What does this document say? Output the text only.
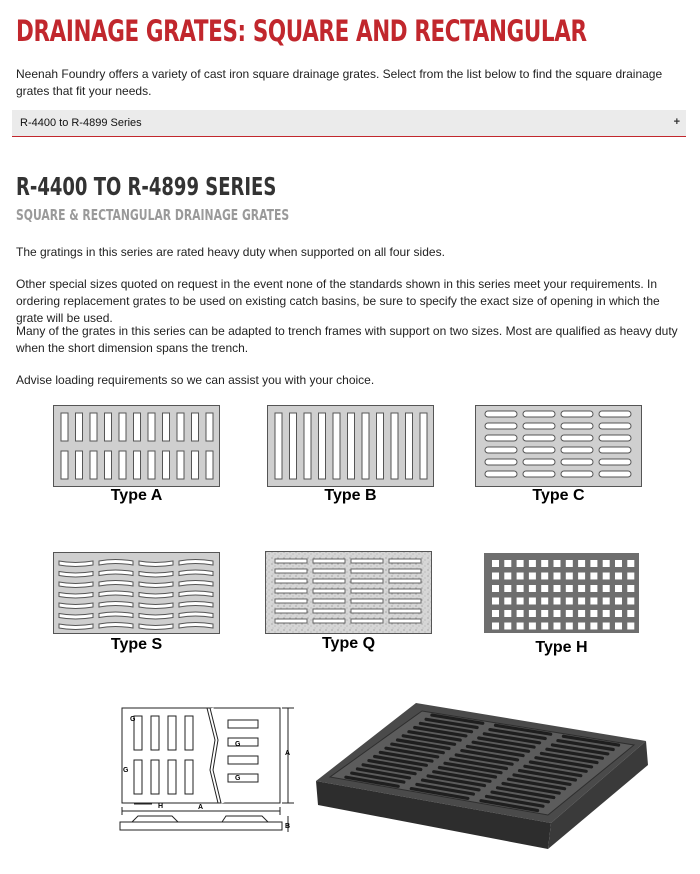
DRAINAGE GRATES: SQUARE AND RECTANGULAR

Neenah Foundry offers a variety of cast iron square drainage grates. Select from the list below to find the square drainage grates that fit your needs.

R-4400 to R-4899 Series	+
R-4400 TO R-4899 SERIES
SQUARE & RECTANGULAR DRAINAGE GRATES

The gratings in this series are rated heavy duty when supported on all four sides.

Other special sizes quoted on request in the event none of the standards shown in this series meet your requirements. In ordering replacement grates to be used on existing catch basins, be sure to specify the exact size of opening in which the grate will be used.

Many of the grates in this series can be adapted to trench frames with support on two sizes. Most are qualified as heavy duty when the short dimension spans the trench.

Advise loading requirements so we can assist you with your choice.

Type A	Type B	Type C
Type S	Type Q	Type H
G
G
G
G
H	A
A
B
